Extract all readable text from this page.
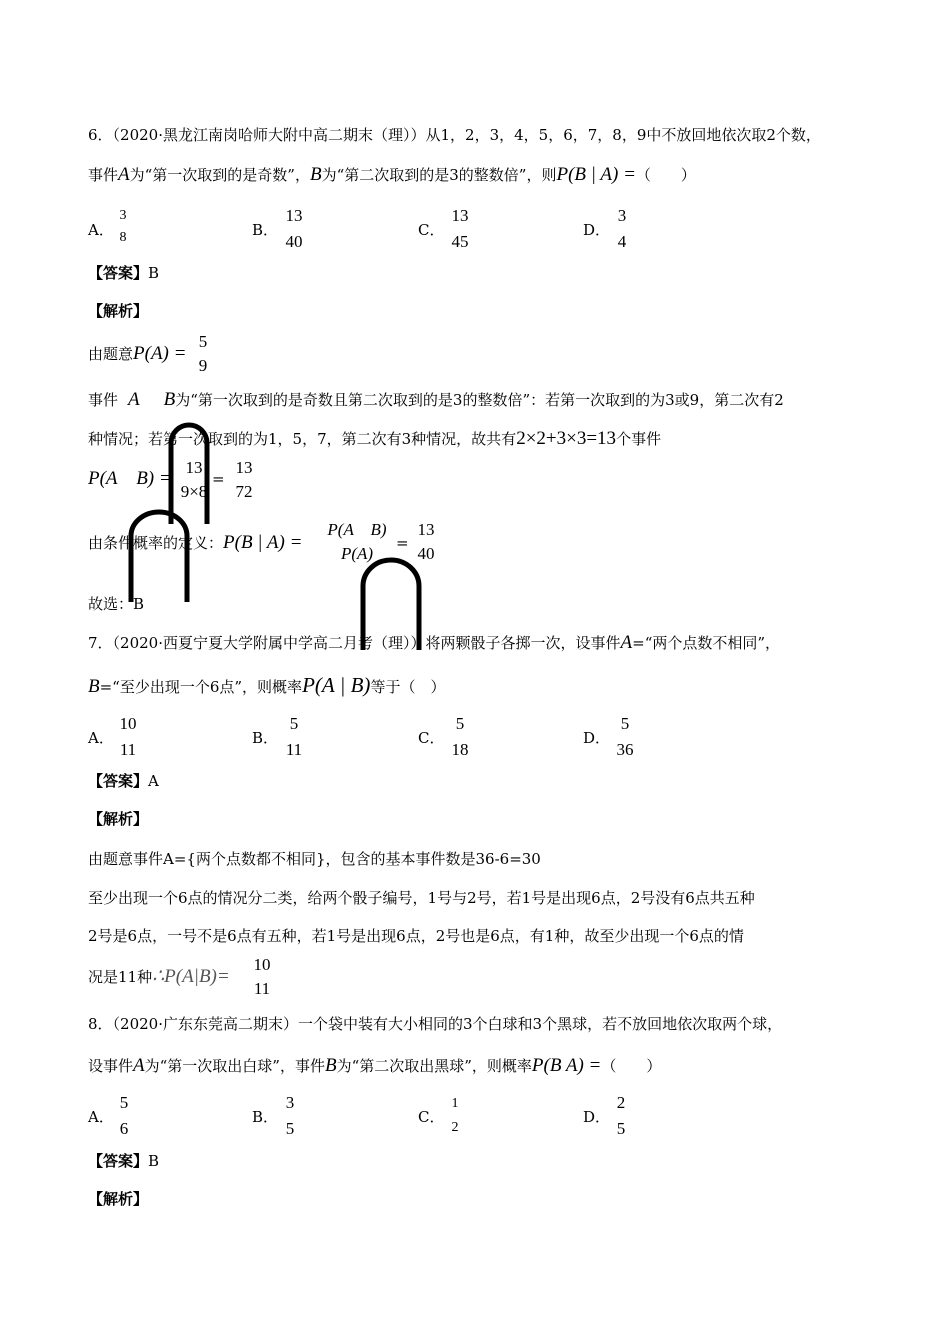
6．（2020·黑龙江南岗哈师大附中高二期末（理））从1，2，3，4，5，6，7，8，9中不放回地依次取2个数，
事件A为“第一次取到的是奇数”，B为“第二次取到的是3的整数倍”，则P(B | A) =（　　）
A．
3
8	B．
13
40
C．
13
45
D．
3
4
【答案】B
【解析】
由题意P(A) =
5
9
事件 A B为“第一次取到的是奇数且第二次取到的是3的整数倍”：若第一次取到的为3或9，第二次有2
种情况；若第一次取到的为1，5，7，第二次有3种情况，故共有2×2+3×3=13个事件
P(A　B) =
13
9×8
=
13
72
由条件概率的定义：P(B | A) =
P(A　B)
P(A)
=
13
40
故选：B
7．（2020·西夏宁夏大学附属中学高二月考（理））将两颗骰子各掷一次，设事件A=“两个点数不相同”，
B=“至少出现一个6点”，则概率P(A | B)等于（　）
A．
10
11
B．
5
11
C．
5
18
D．
5
36
【答案】A
【解析】
由题意事件A={两个点数都不相同}，包含的基本事件数是36-6=30
至少出现一个6点的情况分二类，给两个骰子编号，1号与2号，若1号是出现6点，2号没有6点共五种
2号是6点，一号不是6点有五种，若1号是出现6点，2号也是6点，有1种，故至少出现一个6点的情
况是11种∴P(A|B)=
10
11
8．（2020·广东东莞高二期末）一个袋中装有大小相同的3个白球和3个黑球，若不放回地依次取两个球，
设事件A为“第一次取出白球”，事件B为“第二次取出黑球”，则概率P(B A) =（　　）
A．
5
6
B．
3
5
C．
1
2
D．
2
5
【答案】B
【解析】
